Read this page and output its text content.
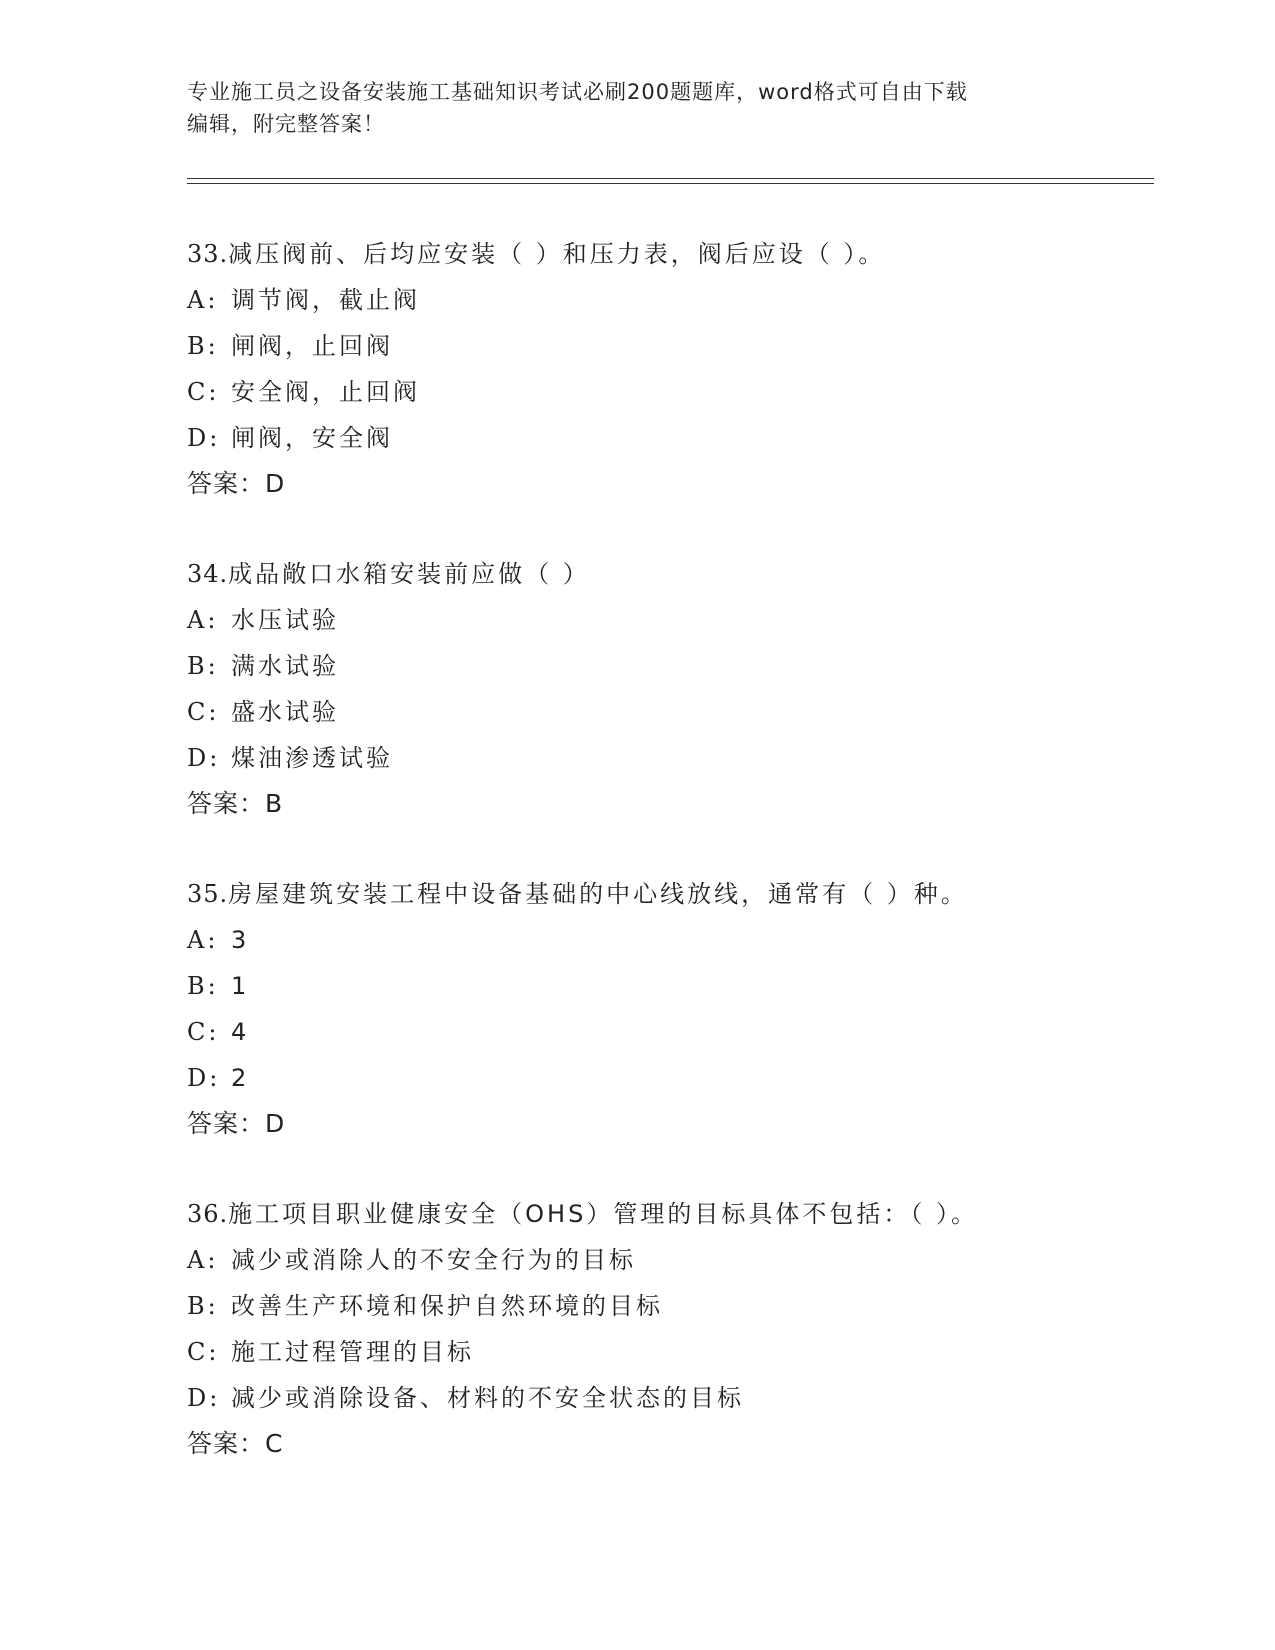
专业施工员之设备安装施工基础知识考试必刷200题题库，word格式可自由下载
编辑，附完整答案！
33.减压阀前、后均应安装（ ）和压力表，阀后应设（ ）。
A: 调节阀，截止阀
B: 闸阀，止回阀
C: 安全阀，止回阀
D: 闸阀，安全阀
答案：D
34.成品敞口水箱安装前应做（ ）
A: 水压试验
B: 满水试验
C: 盛水试验
D: 煤油渗透试验
答案：B
35.房屋建筑安装工程中设备基础的中心线放线，通常有（ ）种。
A: 3
B: 1
C: 4
D: 2
答案：D
36.施工项目职业健康安全（OHS）管理的目标具体不包括：（ ）。
A: 减少或消除人的不安全行为的目标
B: 改善生产环境和保护自然环境的目标
C: 施工过程管理的目标
D: 减少或消除设备、材料的不安全状态的目标
答案：C
